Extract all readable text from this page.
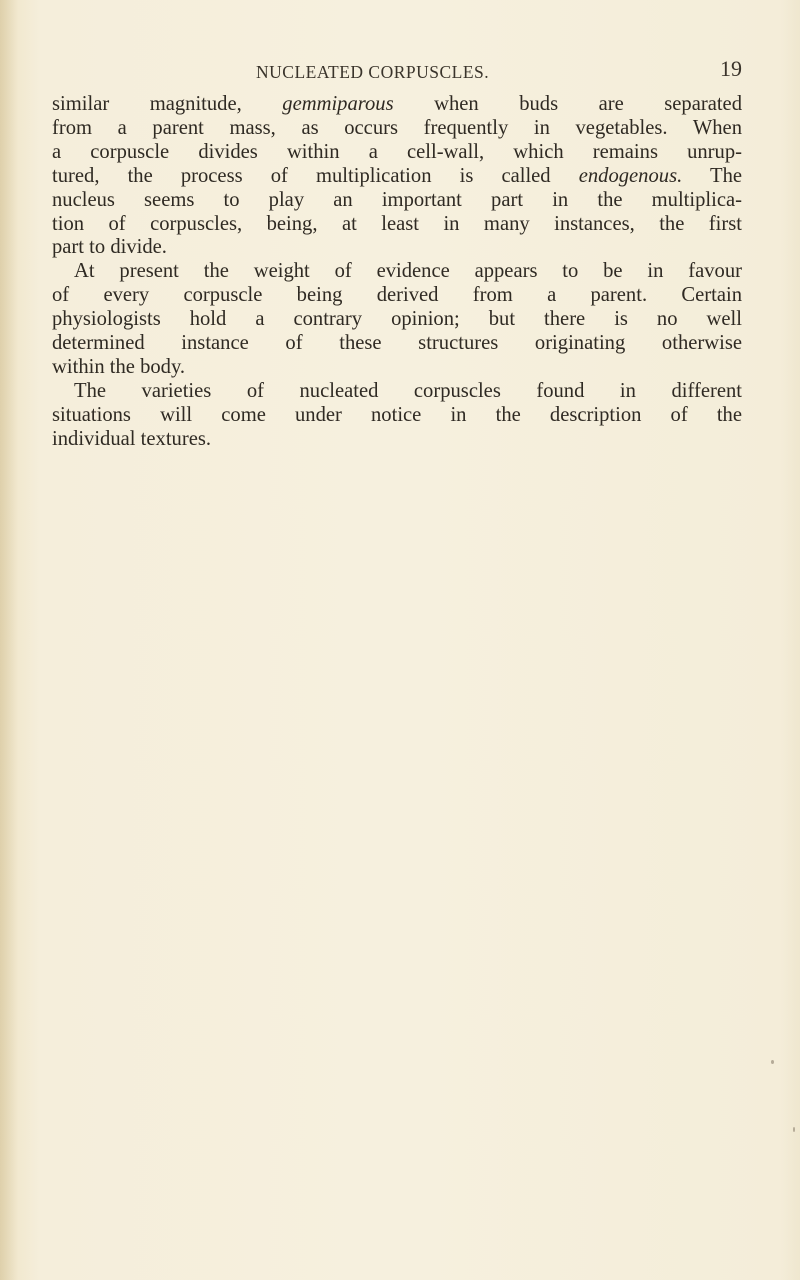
NUCLEATED CORPUSCLES.	19
similar magnitude, gemmiparous when buds are separated
from a parent mass, as occurs frequently in vegetables. When
a corpuscle divides within a cell-wall, which remains unrup-
tured, the process of multiplication is called endogenous. The
nucleus seems to play an important part in the multiplica-
tion of corpuscles, being, at least in many instances, the first
part to divide.
At present the weight of evidence appears to be in favour
of every corpuscle being derived from a parent. Certain
physiologists hold a contrary opinion; but there is no well
determined instance of these structures originating otherwise
within the body.
The varieties of nucleated corpuscles found in different
situations will come under notice in the description of the
individual textures.
